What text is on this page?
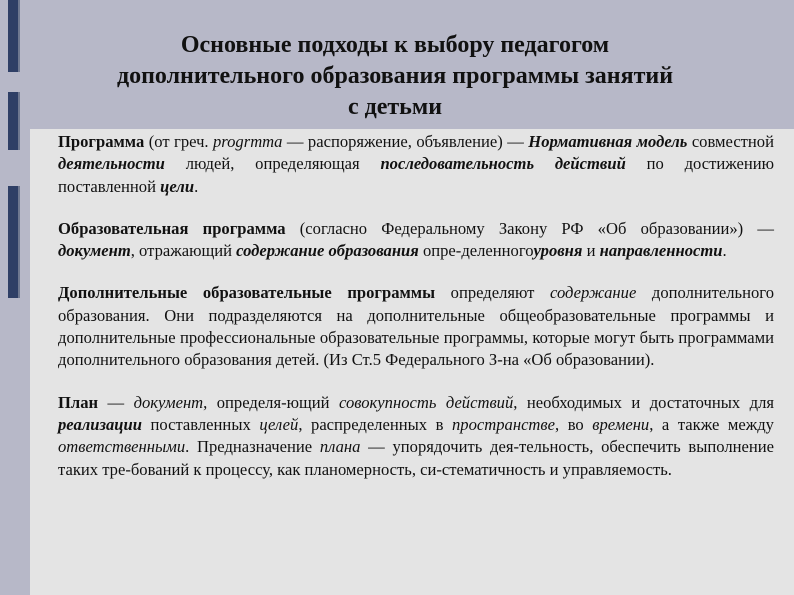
Основные подходы к выбору педагогом
дополнительного образования программы занятий
с детьми

Программа (от греч. progrmma — распоряжение, объявление) — Нормативная модель совместной деятельности людей, определяющая последовательность действий по достижению поставленной цели.

Образовательная программа (согласно Федеральному Закону РФ «Об образовании») — документ, отражающий содержание образования опре-деленногоуровня и направленности.

Дополнительные образовательные программы определяют содержание дополнительного образования. Они подразделяются на дополнительные общеобразовательные программы и дополнительные профессиональные образовательные программы, которые могут быть программами дополнительного образования детей. (Из Ст.5 Федерального З-на «Об образовании).

План — документ, определя-ющий совокупность действий, необходимых и достаточных для реализации поставленных целей, распределенных в пространстве, во времени, а также между ответственными. Предназначение плана — упорядочить дея-тельность, обеспечить выполнение таких тре-бований к процессу, как планомерность, си-стематичность и управляемость.
